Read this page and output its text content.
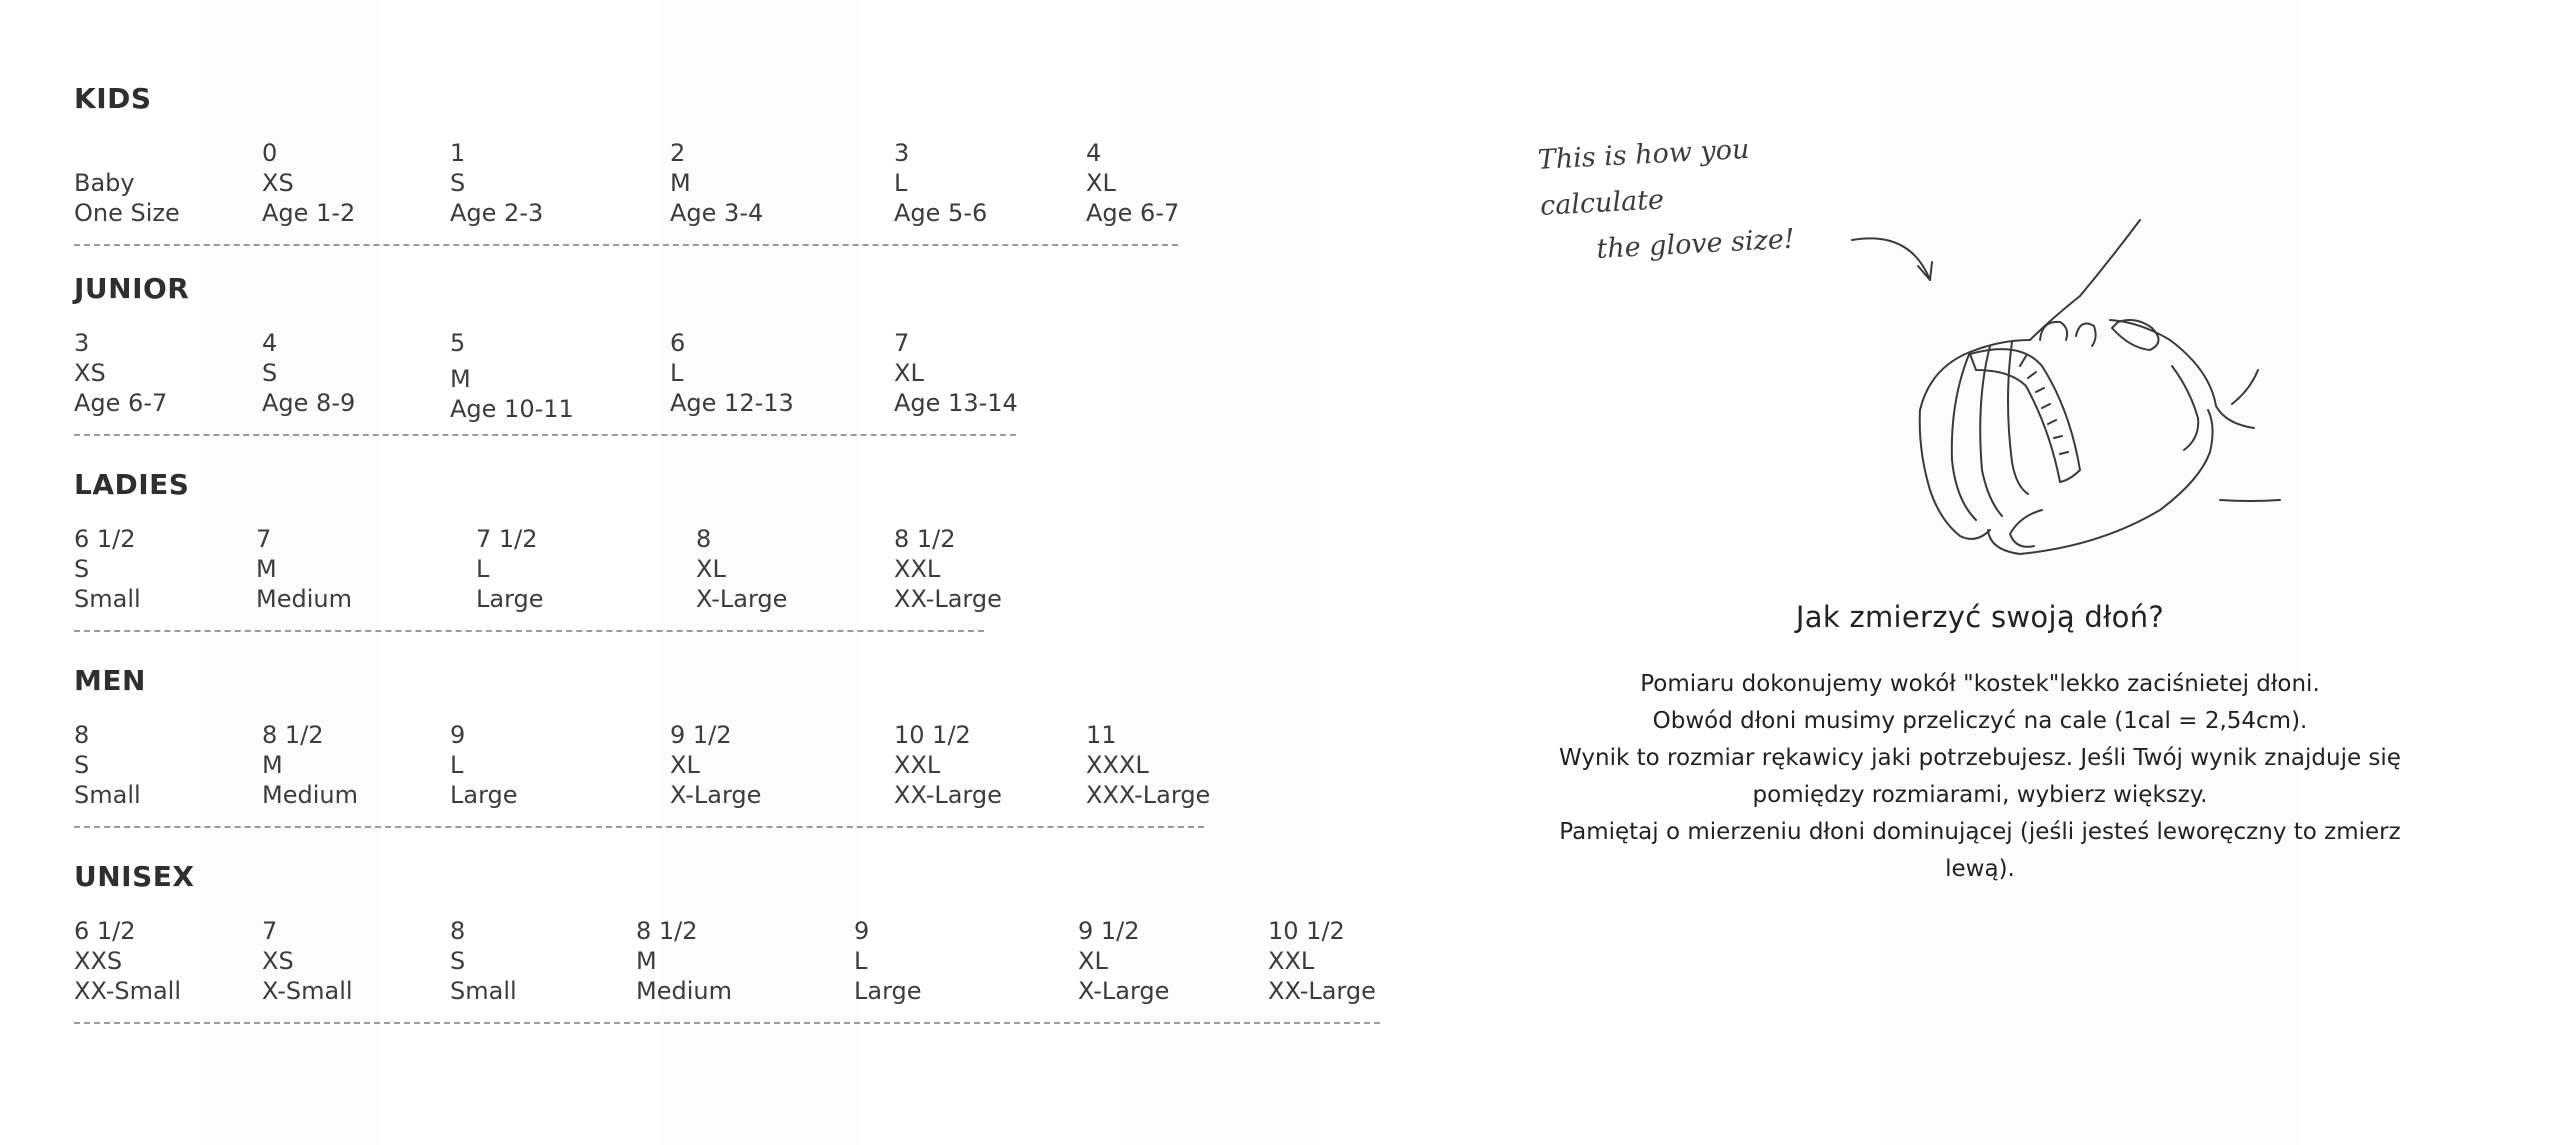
KIDS
Baby
One Size
0
XS
Age 1-2
1
S
Age 2-3
2
M
Age 3-4
3
L
Age 5-6
4
XL
Age 6-7
JUNIOR
3
XS
Age 6-7
4
S
Age 8-9
5
M
Age 10-11
6
L
Age 12-13
7
XL
Age 13-14
LADIES
6 1/2
S
Small
7
M
Medium
7 1/2
L
Large
8
XL
X-Large
8 1/2
XXL
XX-Large
MEN
8
S
Small
8 1/2
M
Medium
9
L
Large
9 1/2
XL
X-Large
10 1/2
XXL
XX-Large
11
XXXL
XXX-Large
UNISEX
6 1/2
XXS
XX-Small
7
XS
X-Small
8
S
Small
8 1/2
M
Medium
9
L
Large
9 1/2
XL
X-Large
10 1/2
XXL
XX-Large
This is how you calculate
the glove size!
Jak zmierzyć swoją dłoń?

Pomiaru dokonujemy wokół "kostek"lekko zaciśnietej dłoni.

Obwód dłoni musimy przeliczyć na cale (1cal = 2,54cm).

Wynik to rozmiar rękawicy jaki potrzebujesz. Jeśli Twój wynik znajduje się pomiędzy rozmiarami, wybierz większy.

Pamiętaj o mierzeniu dłoni dominującej (jeśli jesteś leworęczny to zmierz lewą).
